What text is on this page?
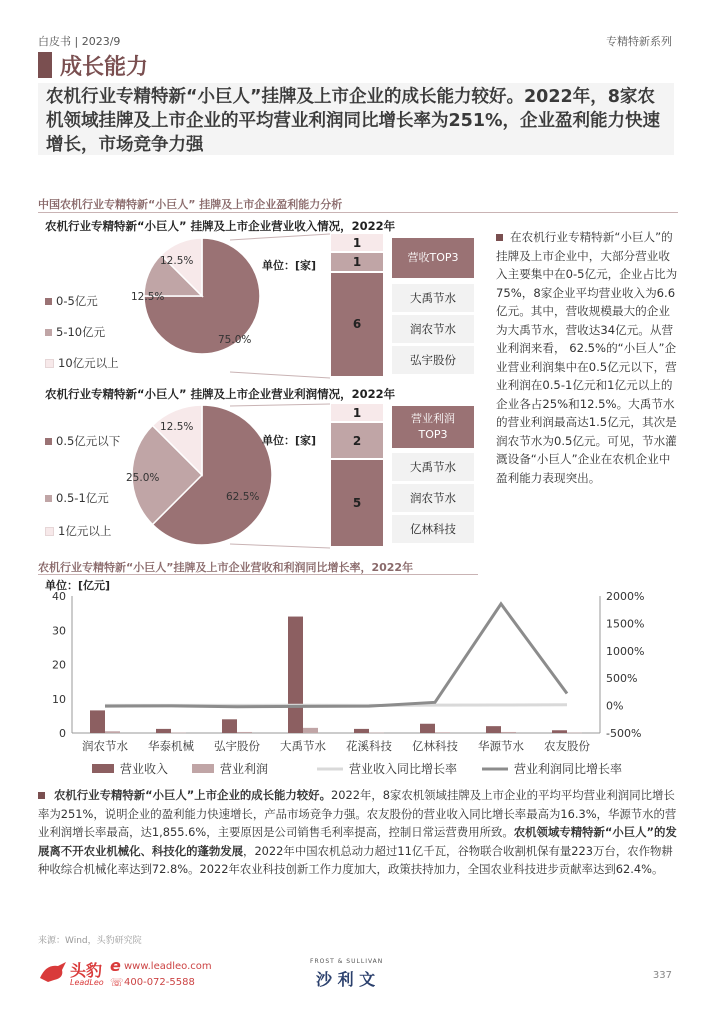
白皮书 | 2023/9	专精特新系列
成长能力
农机行业专精特新“小巨人”挂牌及上市企业的成长能力较好。2022年，8家农机领域挂牌及上市企业的平均营业利润同比增长率为251%，企业盈利能力快速增长，市场竞争力强
中国农机行业专精特新“小巨人” 挂牌及上市企业盈利能力分析
农机行业专精特新“小巨人” 挂牌及上市企业营业收入情况，2022年
12.5%
12.5%
75.0%
0-5亿元
5-10亿元
10亿元以上
单位：[家]
1
1
6
营收TOP3
大禹节水
润农节水
弘宇股份
农机行业专精特新“小巨人” 挂牌及上市企业营业利润情况，2022年
12.5%
25.0%
62.5%
0.5亿元以下
0.5-1亿元
1亿元以上
单位：[家]
1
2
5
营业利润
TOP3
大禹节水
润农节水
亿林科技
在农机行业专精特新“小巨人”的挂牌及上市企业中，大部分营业收入主要集中在0-5亿元，企业占比为75%，8家企业平均营业收入为6.6亿元。其中，营收规模最大的企业为大禹节水，营收达34亿元。从营业利润来看， 62.5%的“小巨人”企业营业利润集中在0.5亿元以下，营业利润在0.5-1亿元和1亿元以上的企业各占25%和12.5%。大禹节水的营业利润最高达1.5亿元，其次是润农节水为0.5亿元。可见，节水灌溉设备“小巨人”企业在农机企业中盈利能力表现突出。
农机行业专精特新“小巨人”挂牌及上市企业营收和利润同比增长率，2022年
单位：[亿元]
0
10
20
30
40
-500%
0%
500%
1000%
1500%
2000%
润农节水 华泰机械 弘宇股份 大禹节水 花溪科技 亿林科技 华源节水 农友股份
营业收入	营业利润	营业收入同比增长率	营业利润同比增长率
农机行业专精特新“小巨人”上市企业的成长能力较好。2022年，8家农机领域挂牌及上市企业的平均平均营业利润同比增长率为251%，说明企业的盈利能力快速增长，产品市场竞争力强。农友股份的营业收入同比增长率最高为16.3%，华源节水的营业利润增长率最高，达1,855.6%，主要原因是公司销售毛利率提高，控制日常运营费用所致。农机领域专精特新“小巨人”的发展离不开农业机械化、科技化的蓬勃发展，2022年中国农机总动力超过11亿千瓦，谷物联合收割机保有量223万台，农作物耕种收综合机械化率达到72.8%。2022年农业科技创新工作力度加大，政策扶持加力，全国农业科技进步贡献率达到62.4%。
来源：Wind，头豹研究院
头豹
LeadLeo
e www.leadleo.com
☏ 400-072-5588
FROST & SULLIVAN
沙 利 文	337
